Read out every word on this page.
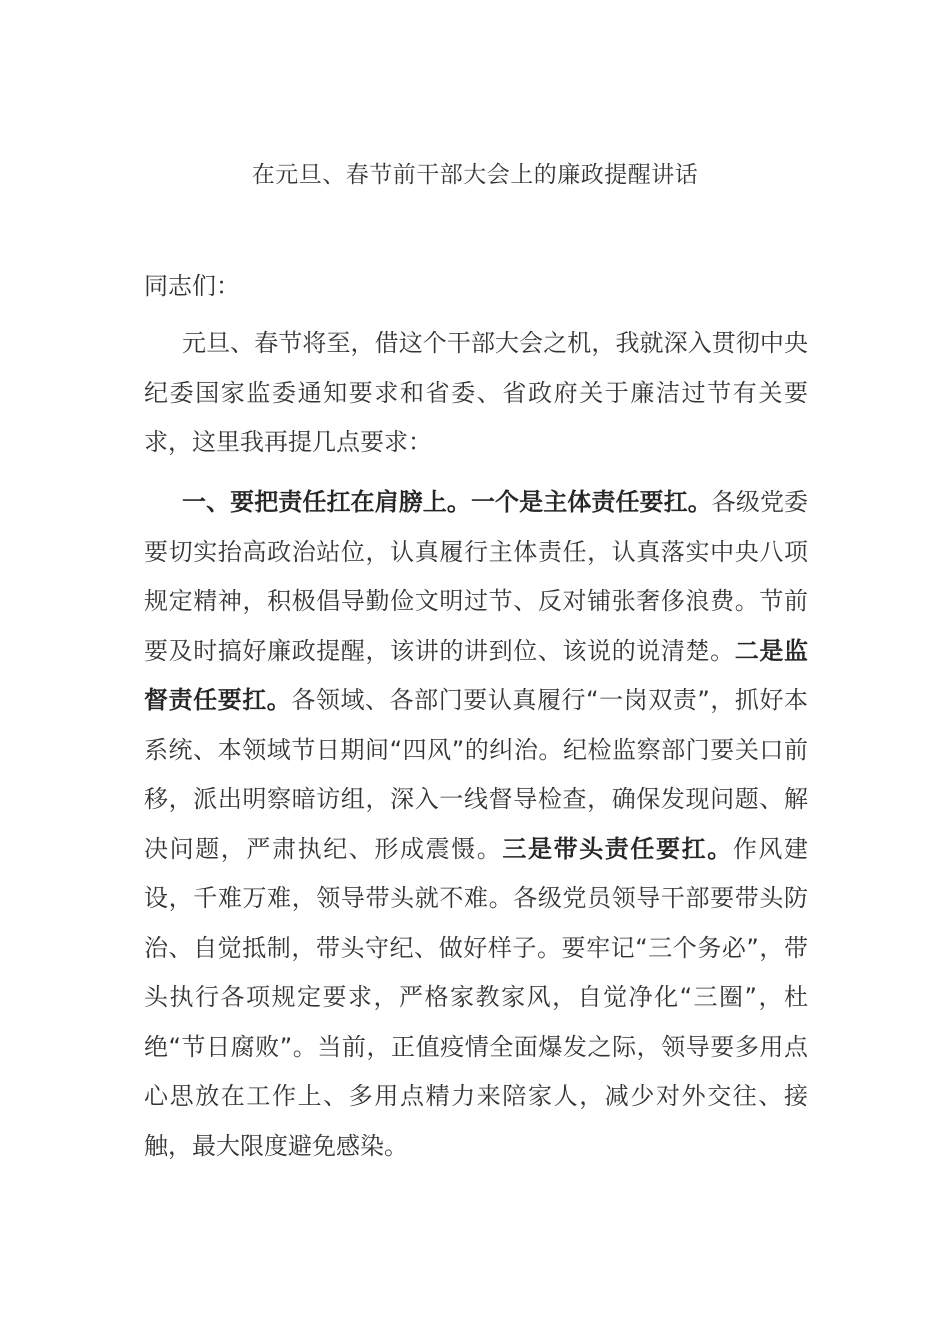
在元旦、春节前干部大会上的廉政提醒讲话
同志们：
元旦、春节将至，借这个干部大会之机，我就深入贯彻中央纪委国家监委通知要求和省委、省政府关于廉洁过节有关要求，这里我再提几点要求：
一、要把责任扛在肩膀上。一个是主体责任要扛。各级党委要切实抬高政治站位，认真履行主体责任，认真落实中央八项规定精神，积极倡导勤俭文明过节、反对铺张奢侈浪费。节前要及时搞好廉政提醒，该讲的讲到位、该说的说清楚。二是监督责任要扛。各领域、各部门要认真履行“一岗双责”，抓好本系统、本领域节日期间“四风”的纠治。纪检监察部门要关口前移，派出明察暗访组，深入一线督导检查，确保发现问题、解决问题，严肃执纪、形成震慑。三是带头责任要扛。作风建设，千难万难，领导带头就不难。各级党员领导干部要带头防治、自觉抵制，带头守纪、做好样子。要牢记“三个务必”，带头执行各项规定要求，严格家教家风，自觉净化“三圈”，杜绝“节日腐败”。当前，正值疫情全面爆发之际，领导要多用点心思放在工作上、多用点精力来陪家人，减少对外交往、接触，最大限度避免感染。
